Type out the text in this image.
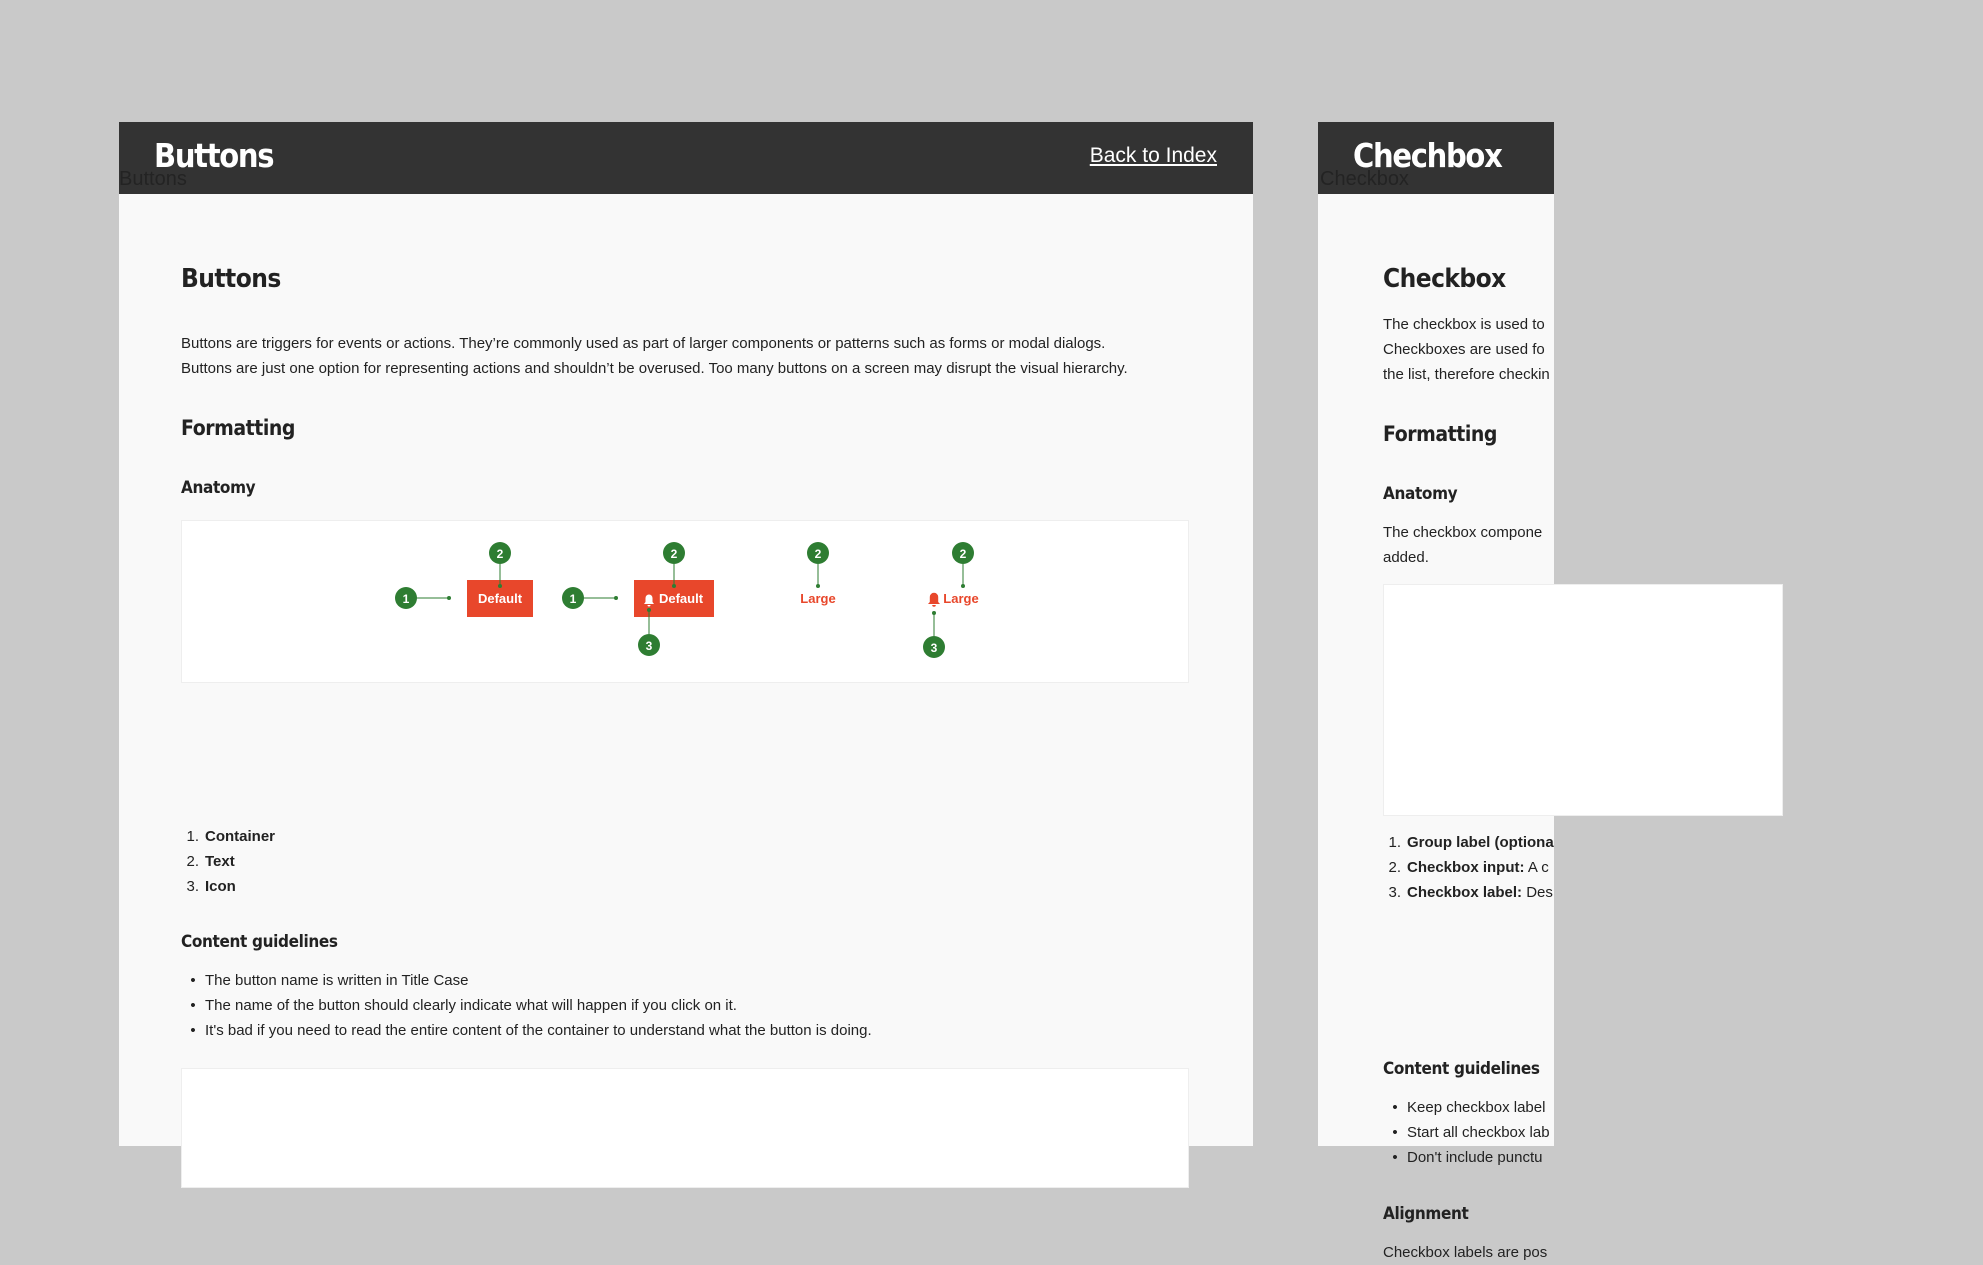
Buttons
Buttons
Back to Index
Buttons
Buttons are triggers for events or actions. They’re commonly used as part of larger components or patterns such as forms or modal dialogs.
Buttons are just one option for representing actions and shouldn’t be overused. Too many buttons on a screen may disrupt the visual hierarchy.
Formatting
Anatomy
Default
1
2
Default
1
2
3
Large
2
Large
2
3
1. Container
2. Text
3. Icon
Content guidelines
• The button name is written in Title Case
• The name of the button should clearly indicate what will happen if you click on it.
• It's bad if you need to read the entire content of the container to understand what the button is doing.
Chechbox
Checkbox
Checkbox
The checkbox is used to
Checkboxes are used fo
the list, therefore checkin
Formatting
Anatomy
The checkbox compone
added.
1. Group label (optiona
2. Checkbox input: A c
3. Checkbox label: Des
Content guidelines
• Keep checkbox label
• Start all checkbox lab
• Don't include punctu
Alignment
Checkbox labels are pos
